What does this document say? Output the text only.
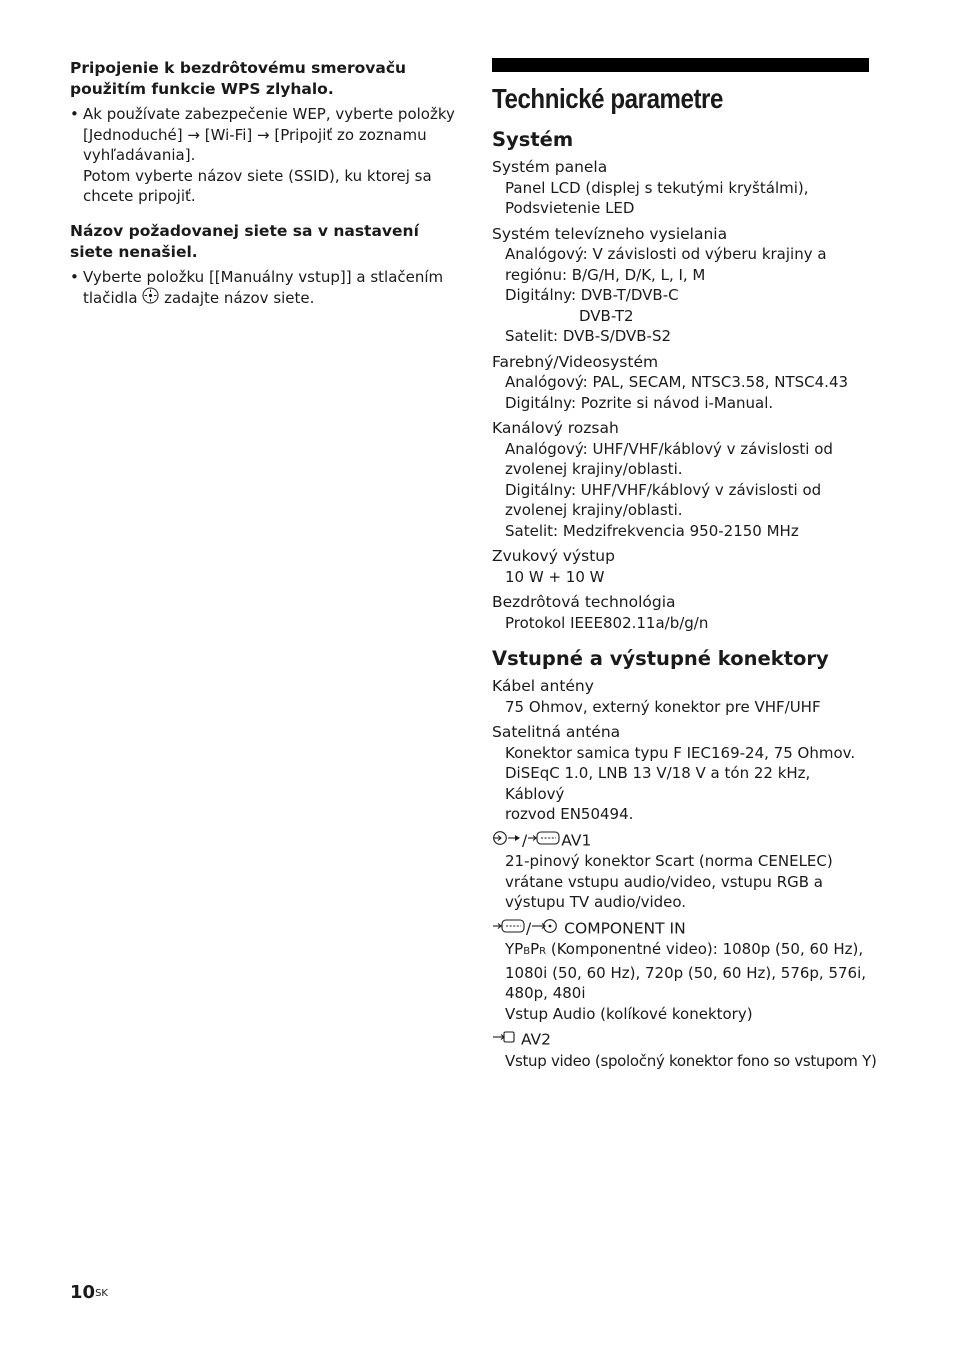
Pripojenie k bezdrôtovému smerovaču použitím funkcie WPS zlyhalo.

• Ak používate zabezpečenie WEP, vyberte položky
[Jednoduché] → [Wi-Fi] → [Pripojiť zo zoznamu vyhľadávania].
Potom vyberte názov siete (SSID), ku ktorej sa chcete pripojiť.

Názov požadovanej siete sa v nastavení siete nenašiel.

• Vyberte položku [[Manuálny vstup]] a stlačením tlačidla zadajte názov siete.
Technické parametre
Systém

Systém panela

Panel LCD (displej s tekutými kryštálmi),

Podsvietenie LED

Systém televízneho vysielania

Analógový: V závislosti od výberu krajiny a

regiónu: B/G/H, D/K, L, I, M

Digitálny: DVB-T/DVB-C

DVB-T2

Satelit: DVB-S/DVB-S2

Farebný/Videosystém

Analógový: PAL, SECAM, NTSC3.58, NTSC4.43

Digitálny: Pozrite si návod i-Manual.

Kanálový rozsah

Analógový: UHF/VHF/káblový v závislosti od

zvolenej krajiny/oblasti.

Digitálny: UHF/VHF/káblový v závislosti od

zvolenej krajiny/oblasti.

Satelit: Medzifrekvencia 950-2150 MHz

Zvukový výstup

10 W + 10 W

Bezdrôtová technológia

Protokol IEEE802.11a/b/g/n

Vstupné a výstupné konektory

Kábel antény

75 Ohmov, externý konektor pre VHF/UHF

Satelitná anténa

Konektor samica typu F IEC169-24, 75 Ohmov.

DiSEqC 1.0, LNB 13 V/18 V a tón 22 kHz, Káblový

rozvod EN50494.

/ AV1

21-pinový konektor Scart (norma CENELEC)

vrátane vstupu audio/video, vstupu RGB a

výstupu TV audio/video.

/ COMPONENT IN

YPBPR (Komponentné video): 1080p (50, 60 Hz),

1080i (50, 60 Hz), 720p (50, 60 Hz), 576p, 576i,

480p, 480i

Vstup Audio (kolíkové konektory)

AV2

Vstup video (spoločný konektor fono so vstupom Y)

$10^{SK}$
